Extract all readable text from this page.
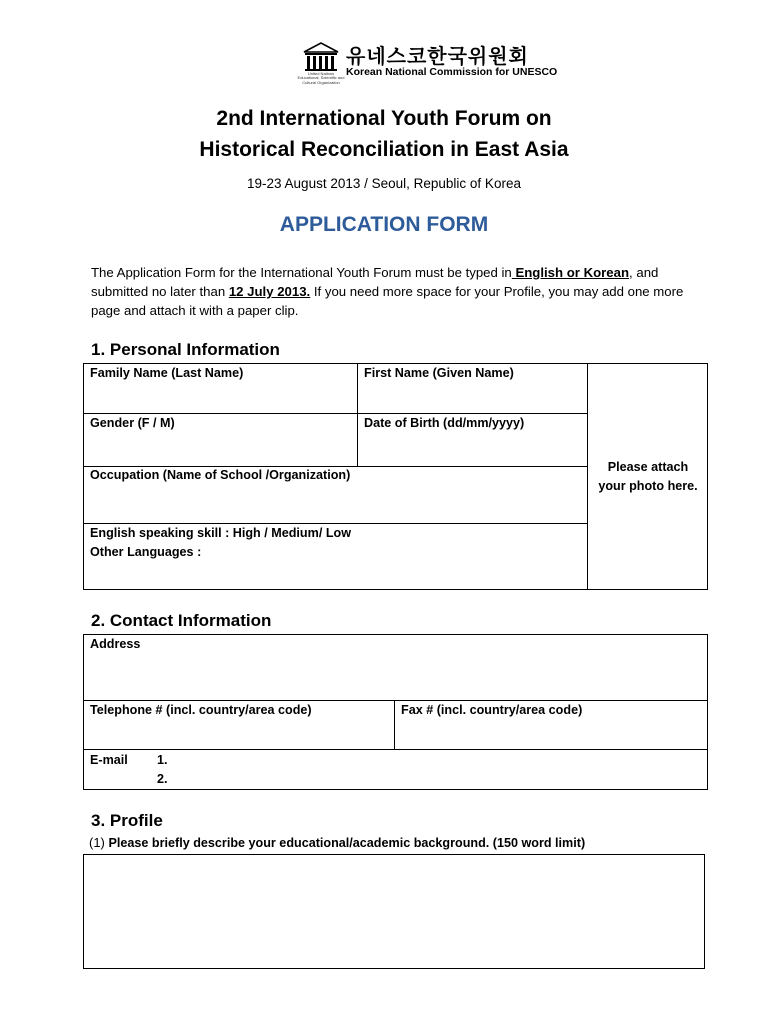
United Nations
Educational, Scientific and
Cultural Organization
유네스코한국위원회
Korean National Commission for UNESCO
2nd International Youth Forum on
Historical Reconciliation in East Asia
19-23 August 2013 / Seoul, Republic of Korea
APPLICATION FORM
The Application Form for the International Youth Forum must be typed in English or Korean, and submitted no later than 12 July 2013. If you need more space for your Profile, you may add one more page and attach it with a paper clip.
1. Personal Information
Family Name (Last Name)	First Name (Given Name)
Gender (F / M)	Date of Birth (dd/mm/yyyy)
Occupation (Name of School /Organization)
English speaking skill : High / Medium/ Low
Other Languages :
Please attach
your photo here.
2. Contact Information
Address
Telephone # (incl. country/area code)	Fax # (incl. country/area code)
E-mail 1.
2.
3. Profile
(1) Please briefly describe your educational/academic background. (150 word limit)
